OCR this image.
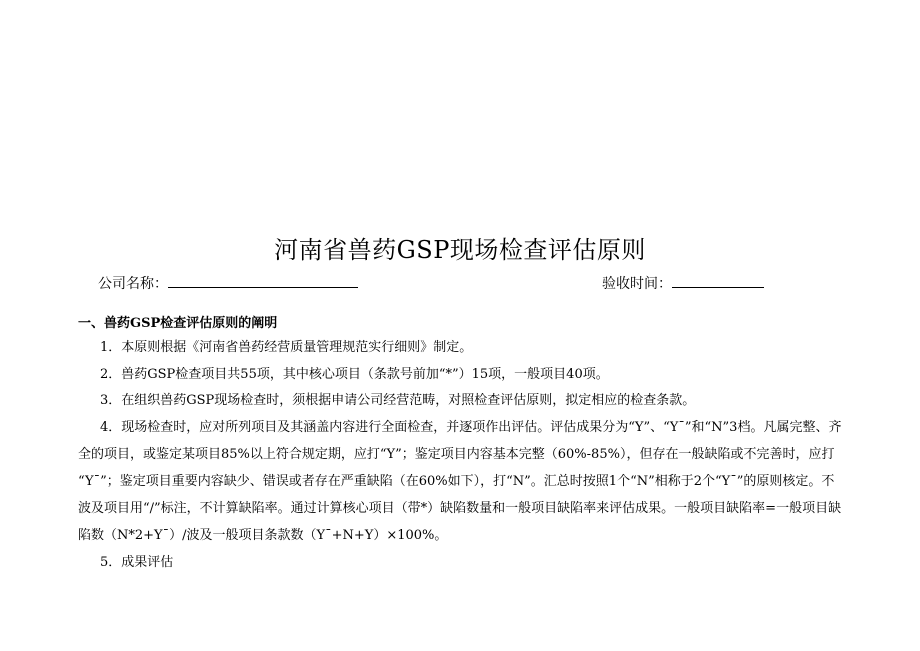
河南省兽药GSP现场检查评估原则
公司名称：	验收时间：
一、兽药GSP检查评估原则的阐明
1．本原则根据《河南省兽药经营质量管理规范实行细则》制定。
2．兽药GSP检查项目共55项，其中核心项目（条款号前加“*”）15项，一般项目40项。
3．在组织兽药GSP现场检查时，须根据申请公司经营范畴，对照检查评估原则，拟定相应的检查条款。
4．现场检查时，应对所列项目及其涵盖内容进行全面检查，并逐项作出评估。评估成果分为“Y”、“Y¯”和“N”3档。凡属完整、齐
全的项目，或鉴定某项目85%以上符合规定期，应打“Y”；鉴定项目内容基本完整（60%-85%），但存在一般缺陷或不完善时，应打
“Y¯”；鉴定项目重要内容缺少、错误或者存在严重缺陷（在60%如下），打“N”。汇总时按照1个“N”相称于2个“Y¯”的原则核定。不
波及项目用“/”标注，不计算缺陷率。通过计算核心项目（带*）缺陷数量和一般项目缺陷率来评估成果。一般项目缺陷率=一般项目缺
陷数（N*2+Y¯）/波及一般项目条款数（Y¯+N+Y）×100%。
5．成果评估
